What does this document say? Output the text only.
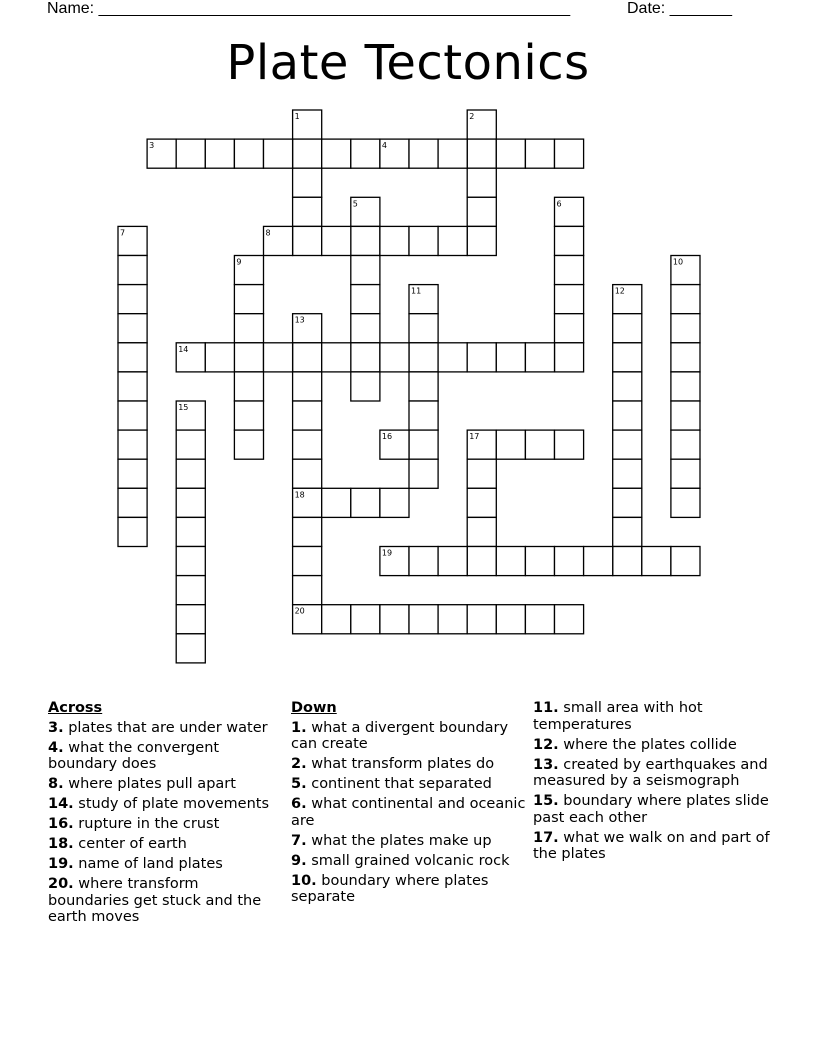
Name: _____________________________________________________	Date: _______
Plate Tectonics
1	2
3	4
5	6
7	8
9	10
11	12
13
18
20
14
15
16	17
19
Across
3. plates that are under water
4. what the convergent boundary does
8. where plates pull apart
14. study of plate movements
16. rupture in the crust
18. center of earth
19. name of land plates
20. where transform boundaries get stuck and the earth moves
Down
1. what a divergent boundary can create
2. what transform plates do
5. continent that separated
6. what continental and oceanic are
7. what the plates make up
9. small grained volcanic rock
10. boundary where plates separate
11. small area with hot temperatures
12. where the plates collide
13. created by earthquakes and measured by a seismograph
15. boundary where plates slide past each other
17. what we walk on and part of the plates
